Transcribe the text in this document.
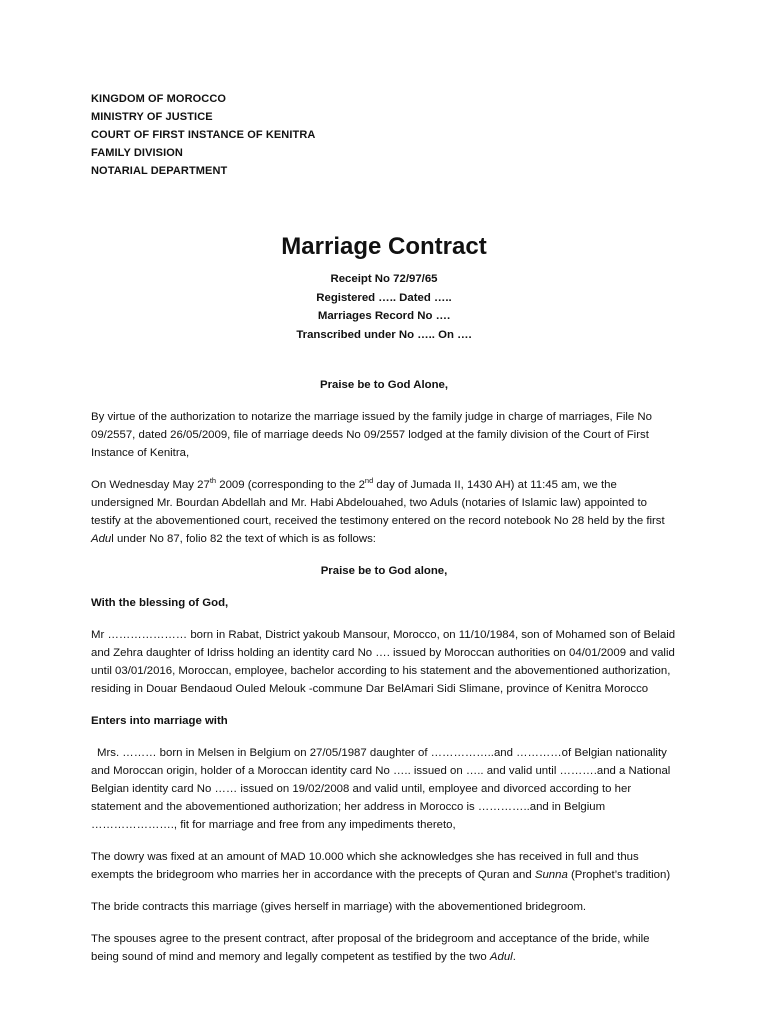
KINGDOM OF MOROCCO
MINISTRY OF JUSTICE
COURT OF FIRST INSTANCE OF KENITRA
FAMILY DIVISION
NOTARIAL DEPARTMENT
Marriage Contract
Receipt No 72/97/65
Registered ….. Dated …..
Marriages Record No ….
Transcribed under No ….. On ….

Praise be to God Alone,

By virtue of the authorization to notarize the marriage issued by the family judge in charge of marriages, File No 09/2557, dated 26/05/2009, file of marriage deeds No 09/2557 lodged at the family division of the Court of First Instance of Kenitra,

On Wednesday May 27th 2009 (corresponding to the 2nd day of Jumada II, 1430 AH) at 11:45 am, we the undersigned Mr. Bourdan Abdellah and Mr. Habi Abdelouahed, two Aduls (notaries of Islamic law) appointed to testify at the abovementioned court, received the testimony entered on the record notebook No 28 held by the first Adul under No 87, folio 82 the text of which is as follows:

Praise be to God alone,

With the blessing of God,

Mr ………………… born in Rabat, District yakoub Mansour, Morocco, on 11/10/1984, son of Mohamed son of Belaid and Zehra daughter of Idriss holding an identity card No …. issued by Moroccan authorities on 04/01/2009 and valid until 03/01/2016, Moroccan, employee, bachelor according to his statement and the abovementioned authorization, residing in Douar Bendaoud Ouled Melouk -commune Dar BelAmari Sidi Slimane, province of Kenitra Morocco

Enters into marriage with

Mrs. ……… born in Melsen in Belgium on 27/05/1987 daughter of ……………..and …………of Belgian nationality and Moroccan origin, holder of a Moroccan identity card No ….. issued on ….. and valid until ……….and a National Belgian identity card No …… issued on 19/02/2008 and valid until, employee and divorced according to her statement and the abovementioned authorization; her address in Morocco is …………..and in Belgium …………………., fit for marriage and free from any impediments thereto,

The dowry was fixed at an amount of MAD 10.000 which she acknowledges she has received in full and thus exempts the bridegroom who marries her in accordance with the precepts of Quran and Sunna (Prophet’s tradition)

The bride contracts this marriage (gives herself in marriage) with the abovementioned bridegroom.

The spouses agree to the present contract, after proposal of the bridegroom and acceptance of the bride, while being sound of mind and memory and legally competent as testified by the two Adul.
